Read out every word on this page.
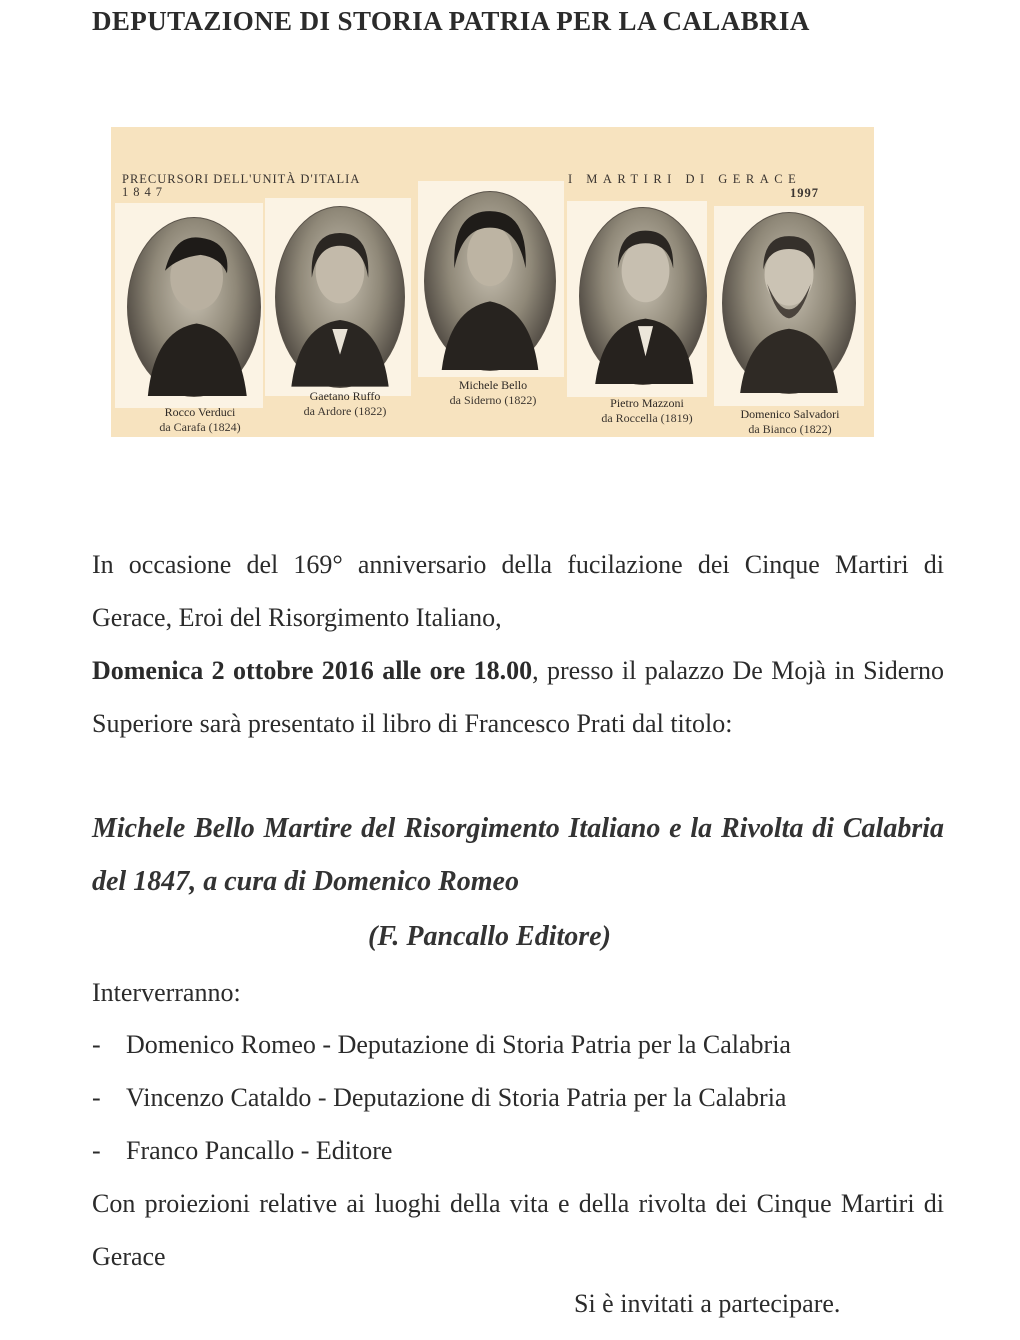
DEPUTAZIONE DI STORIA PATRIA PER LA CALABRIA
PRECURSORI DELL'UNITÀ D'ITALIA
1847
I MARTIRI DI GERACE
1997
Rocco Verduci
da Carafa (1824)
Gaetano Ruffo
da Ardore (1822)
Michele Bello
da Siderno (1822)	Pietro Mazzoni
da Roccella (1819)	Domenico Salvadori
da Bianco (1822)
In occasione del 169° anniversario della fucilazione dei Cinque Martiri di Gerace, Eroi del Risorgimento Italiano,
Domenica 2 ottobre 2016 alle ore 18.00, presso il palazzo De Mojà in Siderno Superiore sarà presentato il libro di Francesco Prati dal titolo:
Michele Bello Martire del Risorgimento Italiano e la Rivolta di Calabria del 1847, a cura di Domenico Romeo
(F. Pancallo Editore)
Interverranno:
- Domenico Romeo - Deputazione di Storia Patria per la Calabria
- Vincenzo Cataldo - Deputazione di Storia Patria per la Calabria
- Franco Pancallo - Editore
Con proiezioni relative ai luoghi della vita e della rivolta dei Cinque Martiri di Gerace
Si è invitati a partecipare.
